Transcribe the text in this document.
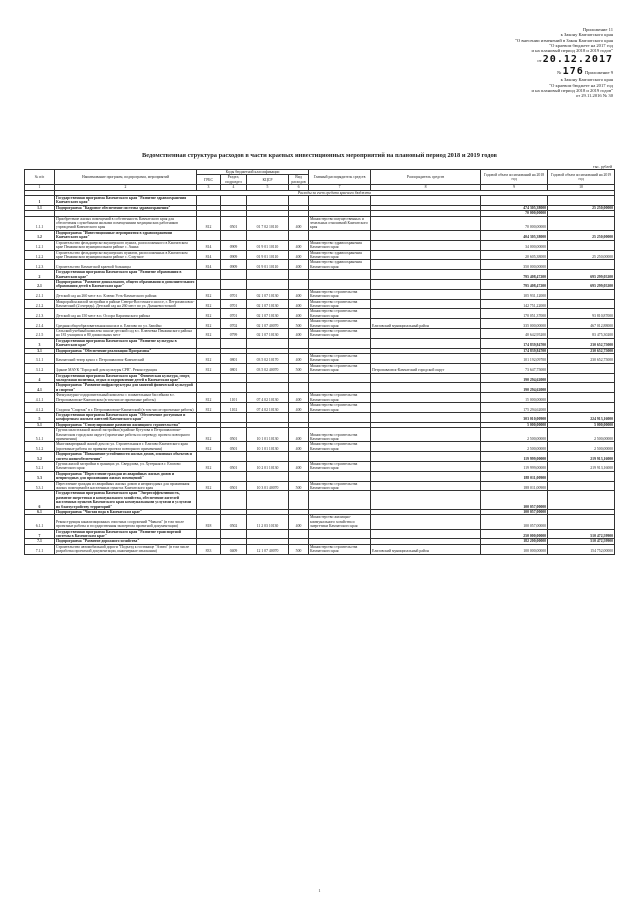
Приложение 11
к Закону Камчатского края
"О внесении изменений в Закон Камчатского края
"О краевом бюджете на 2017 год
и на плановый период 2018 и 2019 годов"
от 20.12.2017
№ 176 Приложение 9
к Закону Камчатского края
"О краевом бюджете на 2017 год
и на плановый период 2018 и 2019 годов"
от 29.11.2016 № 30
Ведомственная структура расходов в части краевых инвестиционных мероприятий на плановый период 2018 и 2019 годов
тыс. рублей
№ п/п	Наименование программ, подпрограмм, мероприятий	Коды бюджетной классификации				Главный распорядитель средств	Распорядитель средств	Годовой объем ассигнований на 2018 год	Годовой объем ассигнований на 2019 год
		ГРБС	Раздел, подраздел	КЦСР	Вид расходов				
1	2	3	4	5	6	7	8	9	10
	Расходы за счет средств краевого бюджета								
1	Государственная программа Камчатского края "Развитие здравоохранения Камчатского края"								
1.1	Подпрограмма "Кадровое обеспечение системы здравоохранения"							474 305,38000	25 250,00000
								70 000,00000	
1.1.1	Приобретение жилых помещений в собственность Камчатского края для обеспечения служебными жилыми помещениями медицинских работников учреждений Камчатского края	812	0501	01 7 02 10110	400	Министерство имущественных и земельных отношений Камчатского края		70 000,00000	
1.2	Подпрограмма "Инвестиционные мероприятия в здравоохранении Камчатского края"							404 305,38000	25 250,00000
1.2.1	Строительство фельдшерско-акушерского пункта, расположенного в Камчатском крае Пенжинском муниципальном районе с. Аянка	814	0909	01 9 01 10110	400	Министерство здравоохранения Камчатского края		34 000,00000	
1.2.2	Строительство фельдшерско-акушерских пунктов, расположенных в Камчатском крае Пенжинском муниципальном районе с. Слаутное	814	0909	01 9 01 10110	400	Министерство здравоохранения Камчатского края		20 605,38000	25 250,00000
1.2.3	Строительство Камчатской краевой больницы	814	0909	01 9 01 10110	400	Министерство здравоохранения Камчатского края		350 000,00000	
2	Государственная программа Камчатского края "Развитие образования в Камчатском крае"							795 408,47200	695 299,05200
2.1	Подпрограмма "Развитие дошкольного, общего образования и дополнительного образования детей в Камчатском крае"							795 408,47200	695 299,05200
2.1.1	Детский сад на 260 мест в п. Ключи Усть-Камчатского района	812	0701	02 1 07 10130	400	Министерство строительства Камчатского края		105 931,12000	
2.1.2	Микрорайон жилой застройки в районе Северо-Восточного шоссе, г. Петропавловск-Камчатский (2 очередь). Детский сад на 260 мест по ул. Дальневосточной	812	0701	02 1 07 10130	400	Министерство строительства Камчатского края		142 751,22000	
2.1.3	Детский сад на 150 мест в п. Оссора Карагинского района	812	0701	02 1 07 10130	400	Министерство строительства Камчатского края		170 051,37000	93 810,87000
2.1.4	Средняя общеобразовательная школа в п. Елизово по ул. Завойко	812	0702	02 1 07 40070	500	Министерство строительства Камчатского края	Елизовский муниципальный район	335 000,00000	467 012,88000
2.1.5	Сельский учебный комплекс школа-детский сад в с. Ключевка Пенжинского района на 181 учащихся и 80 дошкольных мест	812	0799	02 1 07 10130	400	Министерство строительства Камчатского края		40 642,95200	83 475,30200
3	Государственная программа Камчатского края "Развитие культуры в Камчатском крае"							174 839,84700	230 652,75000
3.1	Подпрограмма "Обеспечение реализации Программы"							174 839,84700	230 652,75000
3.1.1	Камчатский театр кукол г. Петропавловск-Камчатский	812	0801	03 5 02 10170	400	Министерство строительства Камчатского края		101 192,09700	230 652,75000
3.1.2	Здание МАУК "Городской дом культуры СРВ". Реконструкция	812	0801	03 5 02 40070	500	Министерство строительства Камчатского края	Петропавловск-Камчатский городской округ	73 647,75000	
4	Государственная программа Камчатского края "Физическая культура, спорт, молодежная политика, отдых и оздоровление детей в Камчатском крае"							190 294,62000	
4.1	Подпрограмма "Развитие инфраструктуры для занятий физической культурой и спортом"							190 294,62000	
4.1.1	Физкультурно-оздоровительный комплекс с плавательным бассейном в г. Петропавловске-Камчатском (в том числе проектные работы)	812	1101	07 4 02 10130	400	Министерство строительства Камчатского края		15 000,00000	
4.1.2	Стадион "Спартак" в г. Петропавловске-Камчатский (в том числе проектные работы)	812	1102	07 4 02 10130	400	Министерство строительства Камчатского края		175 294,62000	
5	Государственная программа Камчатского края "Обеспечение доступным и комфортным жильем жителей Камчатского края"							303 010,00900	224 913,16000
5.1	Подпрограмма "Стимулирование развития жилищного строительства"							5 000,00000	5 000,00000
5.1.1	Группа малоэтажной жилой застройки (в районе Кутузова в Петропавловске-Камчатском городском округе (проектные работы по переводу проекта повторного применения)	812	0501	10 1 01 10130	400	Министерство строительства Камчатского края		2 500,00000	2 500,00000
5.1.2	Многоквартирный жилой дом по ул. Строительная в г. Елизово Камчатского края (проектные работы по привязке проекта повторного применения)	812	0501	10 1 01 10130	400	Министерство строительства Камчатского края		2 500,00000	2 500,00000
5.2	Подпрограмма "Повышение устойчивости жилых домов, основных объектов и систем жизнеобеспечения"							119 999,00000	219 913,16000
5.2.1	Группа жилой застройки в границах ул. Свердлова, ул. Хутерная в г. Елизово Камчатского края	812	0501	10 2 01 10130	400	Министерство строительства Камчатского края		119 999,00000	219 913,16000
5.3	Подпрограмма "Переселение граждан из аварийных жилых домов и непригодных для проживания жилых помещений"							188 011,00900	
5.3.1	Переселение граждан из аварийных жилых домов и непригодных для проживания жилых помещений в населенных пунктах Камчатского края	812	0501	10 3 01 40070	500	Министерство строительства Камчатского края		188 011,00900	
6	Государственная программа Камчатского края "Энергоэффективность, развитие энергетики и коммунального хозяйства, обеспечение жителей населенных пунктов Камчатского края коммунальными услугами и услугами по благоустройству территорий"							100 057,00000	
6.1	Подпрограмма "Чистая вода в Камчатском крае"							100 057,00000	
6.1.1	Реконструкция канализационных очистных сооружений "Чавыча" (в том числе проектные работы и государственная экспертиза проектной документации)	818	0502	11 2 03 10130	400	Министерство жилищно-коммунального хозяйства и энергетики Камчатского края		100 057,00000	
7	Государственная программа Камчатского края "Развитие транспортной системы в Камчатском крае"							250 000,00000	510 472,59900
7.1	Подпрограмма "Развитие дорожного хозяйства"							182 200,00000	510 472,59900
7.1.1	Строительство автомобильной дороги "Подъезд к гостинице "Аэвеи" (в том числе разработка проектной документации, инженерные изыскания)	833	0409	12 1 07 40070	500	Министерство строительства Камчатского края	Елизовский муниципальный район	100 000,00000	154 752,00000
1
